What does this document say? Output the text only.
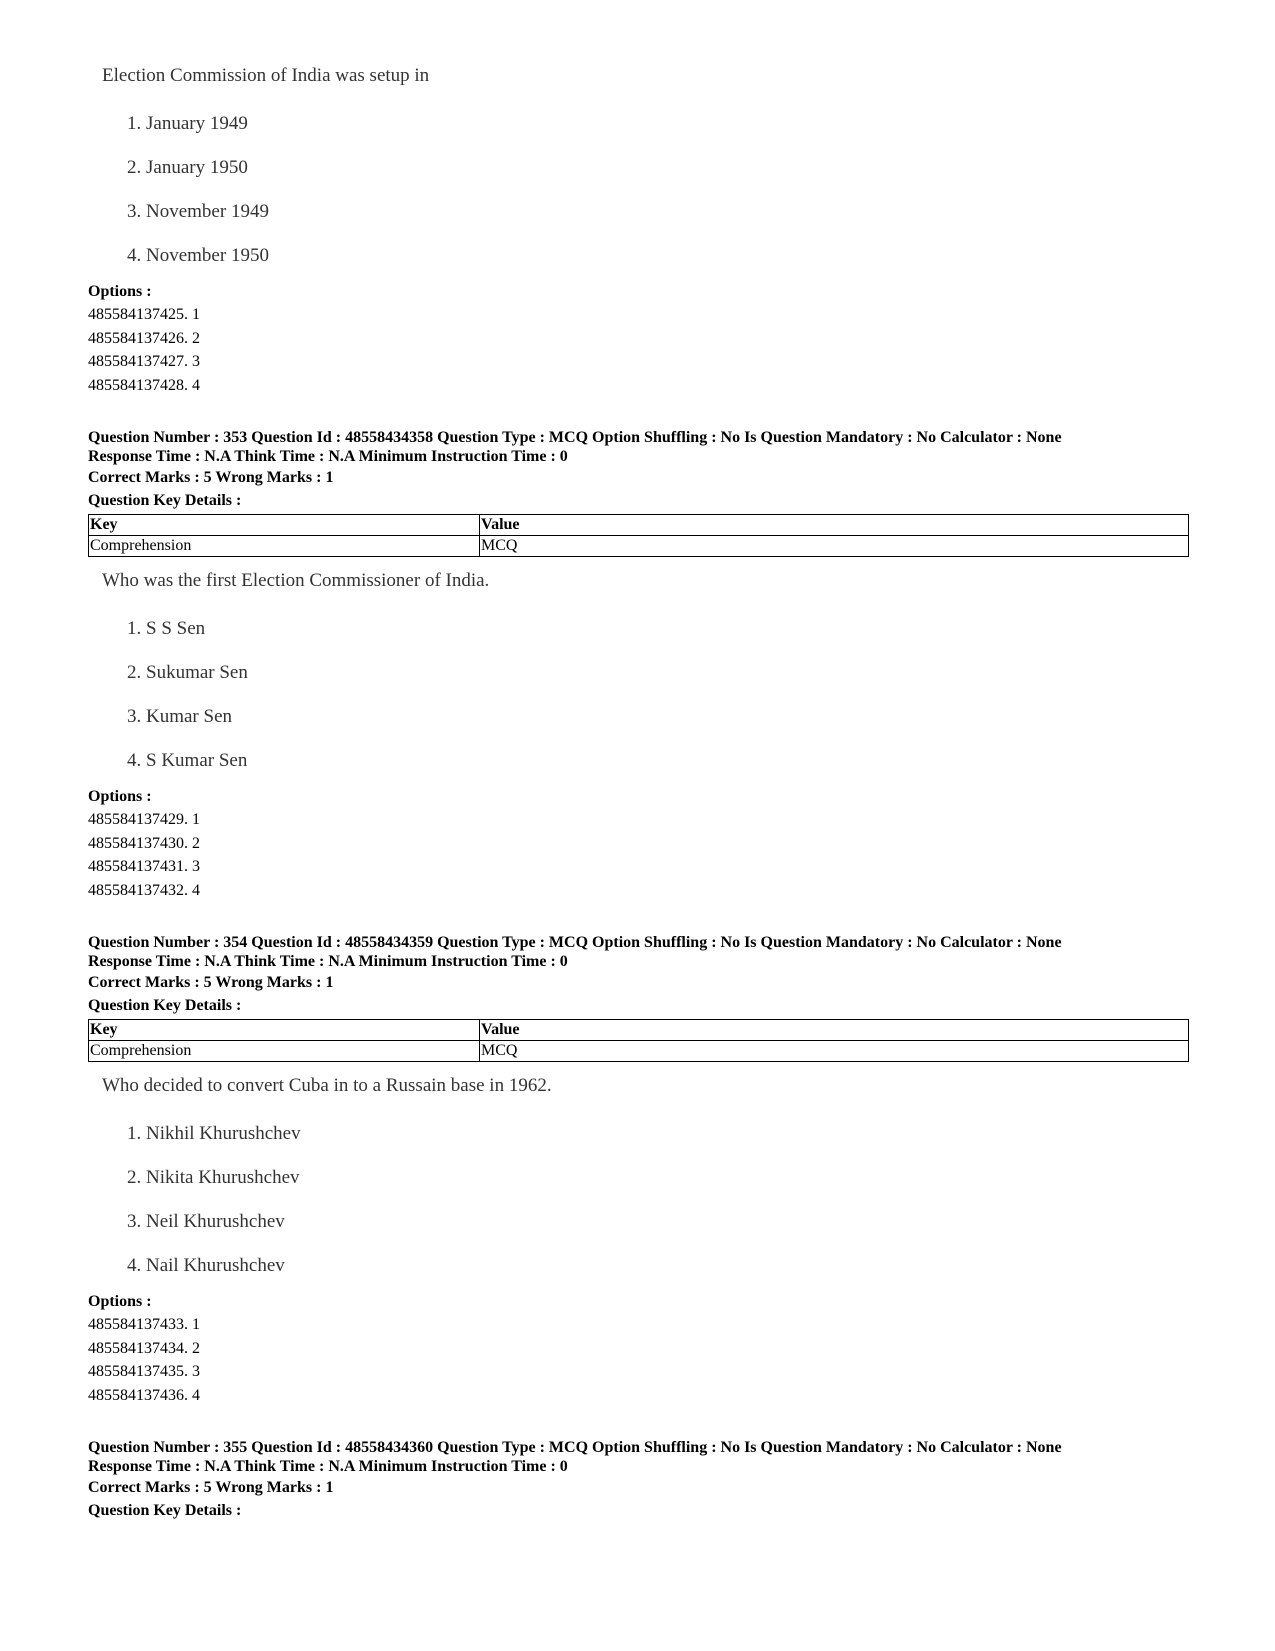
Election Commission of India was setup in
1. January 1949
2. January 1950
3. November 1949
4. November 1950
Options :
485584137425. 1
485584137426. 2
485584137427. 3
485584137428. 4
Question Number : 353 Question Id : 48558434358 Question Type : MCQ Option Shuffling : No Is Question Mandatory : No Calculator : None
Response Time : N.A Think Time : N.A Minimum Instruction Time : 0
Correct Marks : 5 Wrong Marks : 1
Question Key Details :
Key	Value
Comprehension	MCQ
Who was the first Election Commissioner of India.
1. S S Sen
2. Sukumar Sen
3. Kumar Sen
4. S Kumar Sen
Options :
485584137429. 1
485584137430. 2
485584137431. 3
485584137432. 4
Question Number : 354 Question Id : 48558434359 Question Type : MCQ Option Shuffling : No Is Question Mandatory : No Calculator : None
Response Time : N.A Think Time : N.A Minimum Instruction Time : 0
Correct Marks : 5 Wrong Marks : 1
Question Key Details :
Key	Value
Comprehension	MCQ
Who decided to convert Cuba in to a Russain base in 1962.
1. Nikhil Khurushchev
2. Nikita Khurushchev
3. Neil Khurushchev
4. Nail Khurushchev
Options :
485584137433. 1
485584137434. 2
485584137435. 3
485584137436. 4
Question Number : 355 Question Id : 48558434360 Question Type : MCQ Option Shuffling : No Is Question Mandatory : No Calculator : None
Response Time : N.A Think Time : N.A Minimum Instruction Time : 0
Correct Marks : 5 Wrong Marks : 1
Question Key Details :
